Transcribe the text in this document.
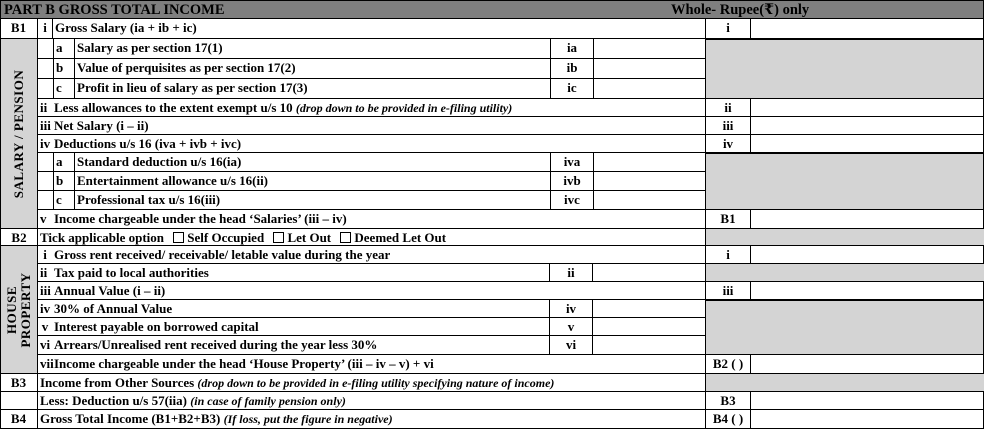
PART B GROSS TOTAL INCOME	Whole- Rupee(₹) only
SALARY / PENSION
HOUSE
PROPERTY
B1	i Gross Salary (ia + ib + ic)	i
a	Salary as per section 17(1)	ia
b	Value of perquisites as per section 17(2)	ib
c	Profit in lieu of salary as per section 17(3)	ic
ii Less allowances to the extent exempt u/s 10 (drop down to be provided in e-filing utility)	ii
iii Net Salary (i – ii)	iii
iv Deductions u/s 16 (iva + ivb + ivc)	iv
a	Standard deduction u/s 16(ia)	iva
b	Entertainment allowance u/s 16(ii)	ivb
c	Professional tax u/s 16(iii)	ivc
v Income chargeable under the head ‘Salaries’ (iii – iv)	B1
B2	Tick applicable option Self Occupied Let Out Deemed Let Out
i Gross rent received/ receivable/ letable value during the year	i
ii Tax paid to local authorities	ii
iii Annual Value (i – ii)	iii
iv 30% of Annual Value	iv
v Interest payable on borrowed capital	v
vi Arrears/Unrealised rent received during the year less 30%	vi
vii Income chargeable under the head ‘House Property’ (iii – iv – v) + vi	B2 ( )
B3	Income from Other Sources (drop down to be provided in e-filing utility specifying nature of income)
Less: Deduction u/s 57(iia) (in case of family pension only)	B3
B4	Gross Total Income (B1+B2+B3) (If loss, put the figure in negative)	B4 ( )
